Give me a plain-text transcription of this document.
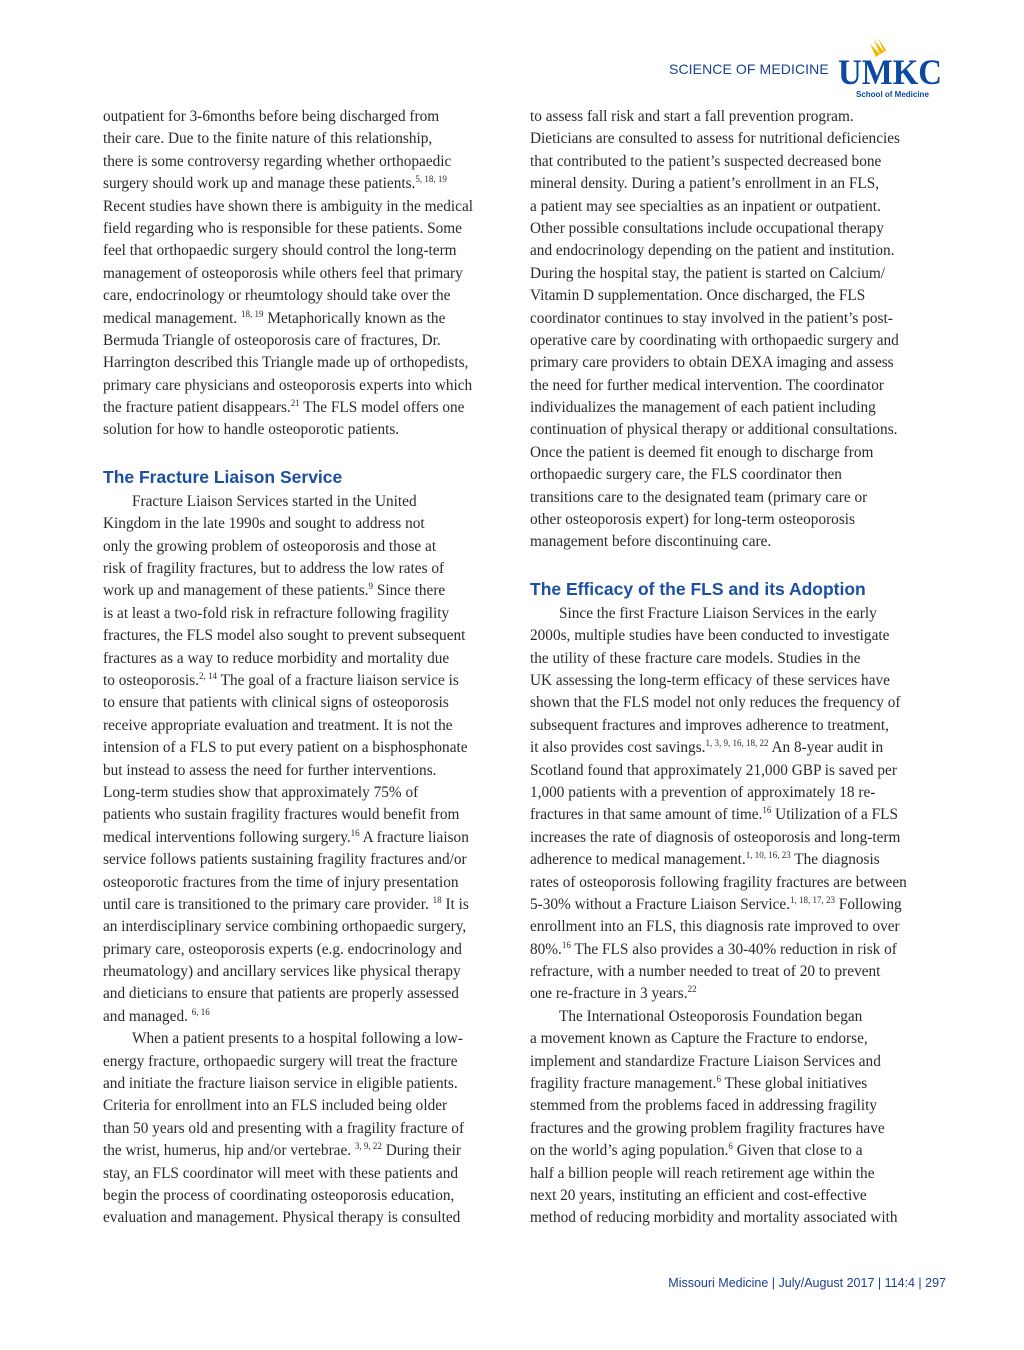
SCIENCE OF MEDICINE UMKC
School of Medicine
outpatient for 3-6months before being discharged from
their care. Due to the finite nature of this relationship,
there is some controversy regarding whether orthopaedic
surgery should work up and manage these patients.$^{5, 18, 19}$
Recent studies have shown there is ambiguity in the medical
field regarding who is responsible for these patients. Some
feel that orthopaedic surgery should control the long-term
management of osteoporosis while others feel that primary
care, endocrinology or rheumtology should take over the
medical management. $^{18, 19}$ Metaphorically known as the
Bermuda Triangle of osteoporosis care of fractures, Dr.
Harrington described this Triangle made up of orthopedists,
primary care physicians and osteoporosis experts into which
the fracture patient disappears.$^{21}$ The FLS model offers one
solution for how to handle osteoporotic patients.
The Fracture Liaison Service
Fracture Liaison Services started in the United
Kingdom in the late 1990s and sought to address not
only the growing problem of osteoporosis and those at
risk of fragility fractures, but to address the low rates of
work up and management of these patients.$^9$ Since there
is at least a two-fold risk in refracture following fragility
fractures, the FLS model also sought to prevent subsequent
fractures as a way to reduce morbidity and mortality due
to osteoporosis.$^{2, 14}$ The goal of a fracture liaison service is
to ensure that patients with clinical signs of osteoporosis
receive appropriate evaluation and treatment. It is not the
intension of a FLS to put every patient on a bisphosphonate
but instead to assess the need for further interventions.
Long-term studies show that approximately 75% of
patients who sustain fragility fractures would benefit from
medical interventions following surgery.$^{16}$ A fracture liaison
service follows patients sustaining fragility fractures and/or
osteoporotic fractures from the time of injury presentation
until care is transitioned to the primary care provider. $^{18}$ It is
an interdisciplinary service combining orthopaedic surgery,
primary care, osteoporosis experts (e.g. endocrinology and
rheumatology) and ancillary services like physical therapy
and dieticians to ensure that patients are properly assessed
and managed. $^{6, 16}$
When a patient presents to a hospital following a low-
energy fracture, orthopaedic surgery will treat the fracture
and initiate the fracture liaison service in eligible patients.
Criteria for enrollment into an FLS included being older
than 50 years old and presenting with a fragility fracture of
the wrist, humerus, hip and/or vertebrae. $^{3, 9, 22}$ During their
stay, an FLS coordinator will meet with these patients and
begin the process of coordinating osteoporosis education,
evaluation and management. Physical therapy is consulted
to assess fall risk and start a fall prevention program.
Dieticians are consulted to assess for nutritional deficiencies
that contributed to the patient’s suspected decreased bone
mineral density. During a patient’s enrollment in an FLS,
a patient may see specialties as an inpatient or outpatient.
Other possible consultations include occupational therapy
and endocrinology depending on the patient and institution.
During the hospital stay, the patient is started on Calcium/
Vitamin D supplementation. Once discharged, the FLS
coordinator continues to stay involved in the patient’s post-
operative care by coordinating with orthopaedic surgery and
primary care providers to obtain DEXA imaging and assess
the need for further medical intervention. The coordinator
individualizes the management of each patient including
continuation of physical therapy or additional consultations.
Once the patient is deemed fit enough to discharge from
orthopaedic surgery care, the FLS coordinator then
transitions care to the designated team (primary care or
other osteoporosis expert) for long-term osteoporosis
management before discontinuing care.
The Efficacy of the FLS and its Adoption
Since the first Fracture Liaison Services in the early
2000s, multiple studies have been conducted to investigate
the utility of these fracture care models. Studies in the
UK assessing the long-term efficacy of these services have
shown that the FLS model not only reduces the frequency of
subsequent fractures and improves adherence to treatment,
it also provides cost savings.$^{1, 3, 9, 16, 18, 22}$ An 8-year audit in
Scotland found that approximately 21,000 GBP is saved per
1,000 patients with a prevention of approximately 18 re-
fractures in that same amount of time.$^{16}$ Utilization of a FLS
increases the rate of diagnosis of osteoporosis and long-term
adherence to medical management.$^{1, 10, 16, 23}$ The diagnosis
rates of osteoporosis following fragility fractures are between
5-30% without a Fracture Liaison Service.$^{1, 18, 17, 23}$ Following
enrollment into an FLS, this diagnosis rate improved to over
80%.$^{16}$ The FLS also provides a 30-40% reduction in risk of
refracture, with a number needed to treat of 20 to prevent
one re-fracture in 3 years.$^{22}$
The International Osteoporosis Foundation began
a movement known as Capture the Fracture to endorse,
implement and standardize Fracture Liaison Services and
fragility fracture management.$^6$ These global initiatives
stemmed from the problems faced in addressing fragility
fractures and the growing problem fragility fractures have
on the world’s aging population.$^6$ Given that close to a
half a billion people will reach retirement age within the
next 20 years, instituting an efficient and cost-effective
method of reducing morbidity and mortality associated with
Missouri Medicine | July/August 2017 | 114:4 | 297
